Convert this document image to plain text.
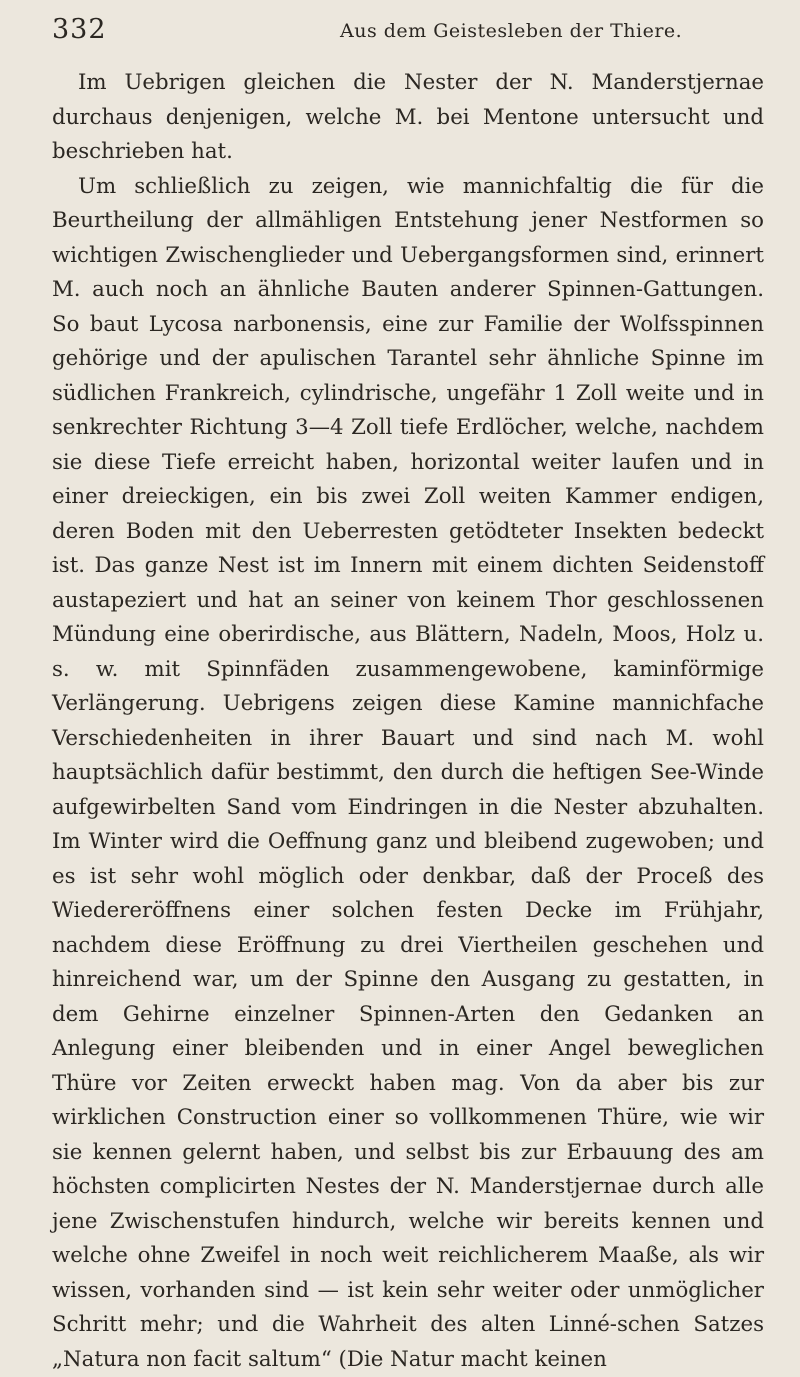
332	Aus dem Geistesleben der Thiere.

Im Uebrigen gleichen die Nester der N. Manderstjernae durchaus denjenigen, welche M. bei Mentone untersucht und beschrieben hat.

Um schließlich zu zeigen, wie mannichfaltig die für die Beurtheilung der allmähligen Entstehung jener Nestformen so wichtigen Zwischenglieder und Uebergangsformen sind, erinnert M. auch noch an ähnliche Bauten anderer Spinnen-Gattungen. So baut Lycosa narbonensis, eine zur Familie der Wolfsspinnen gehörige und der apulischen Tarantel sehr ähnliche Spinne im südlichen Frankreich, cylindrische, ungefähr 1 Zoll weite und in senkrechter Richtung 3—4 Zoll tiefe Erdlöcher, welche, nachdem sie diese Tiefe erreicht haben, horizontal weiter laufen und in einer dreieckigen, ein bis zwei Zoll weiten Kammer endigen, deren Boden mit den Ueberresten getödteter Insekten bedeckt ist. Das ganze Nest ist im Innern mit einem dichten Seidenstoff austapeziert und hat an seiner von keinem Thor geschlossenen Mündung eine oberirdische, aus Blättern, Nadeln, Moos, Holz u. s. w. mit Spinnfäden zusammengewobene, kaminförmige Verlängerung. Uebrigens zeigen diese Kamine mannichfache Verschiedenheiten in ihrer Bauart und sind nach M. wohl hauptsächlich dafür bestimmt, den durch die heftigen See-Winde aufgewirbelten Sand vom Eindringen in die Nester abzuhalten. Im Winter wird die Oeffnung ganz und bleibend zugewoben; und es ist sehr wohl möglich oder denkbar, daß der Proceß des Wiedereröffnens einer solchen festen Decke im Frühjahr, nachdem diese Eröffnung zu drei Viertheilen geschehen und hinreichend war, um der Spinne den Ausgang zu gestatten, in dem Gehirne einzelner Spinnen-Arten den Gedanken an Anlegung einer bleibenden und in einer Angel beweglichen Thüre vor Zeiten erweckt haben mag. Von da aber bis zur wirklichen Construction einer so vollkommenen Thüre, wie wir sie kennen gelernt haben, und selbst bis zur Erbauung des am höchsten complicirten Nestes der N. Manderstjernae durch alle jene Zwischenstufen hindurch, welche wir bereits kennen und welche ohne Zweifel in noch weit reichlicherem Maaße, als wir wissen, vorhanden sind — ist kein sehr weiter oder unmöglicher Schritt mehr; und die Wahrheit des alten Linné-schen Satzes „Natura non facit saltum“ (Die Natur macht keinen
